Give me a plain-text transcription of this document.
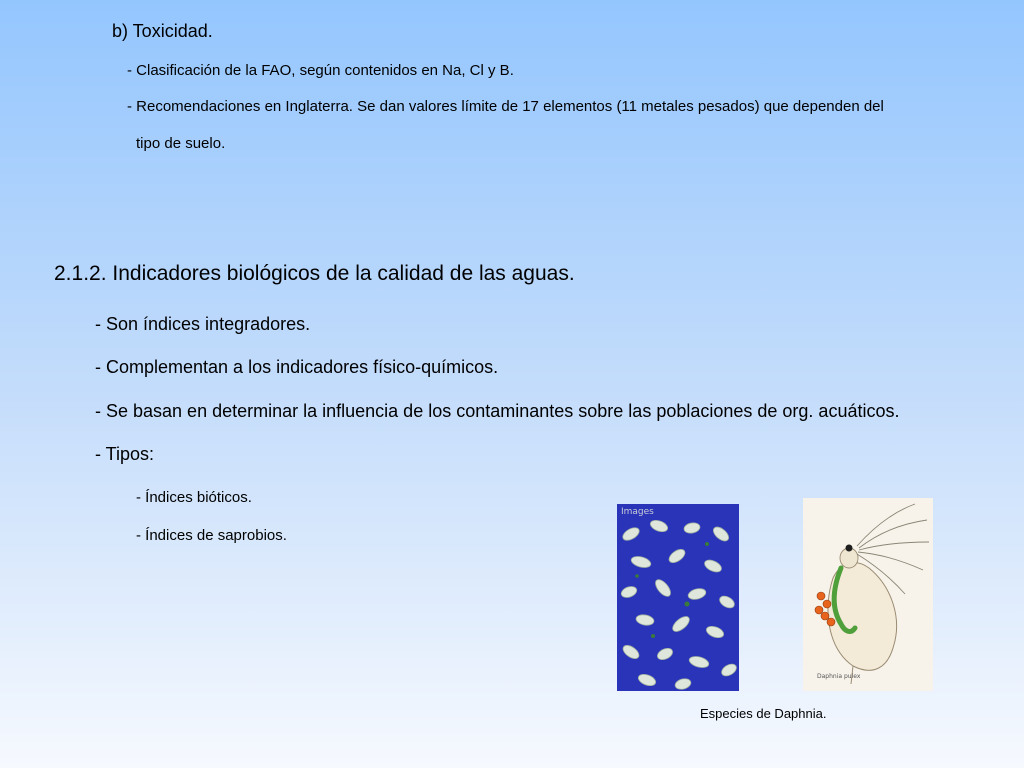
b) Toxicidad.

- Clasificación de la FAO, según contenidos en Na, Cl y B.

- Recomendaciones en Inglaterra. Se dan valores límite de 17 elementos (11 metales pesados) que dependen del

tipo de suelo.

2.1.2. Indicadores biológicos de la calidad de las aguas.

- Son índices integradores.

- Complementan a los indicadores físico-químicos.

- Se basan en determinar la influencia de los contaminantes sobre las poblaciones de org. acuáticos.

- Tipos:

- Índices bióticos.

- Índices de saprobios.

Images
Daphnia pulex

Especies de Daphnia.
